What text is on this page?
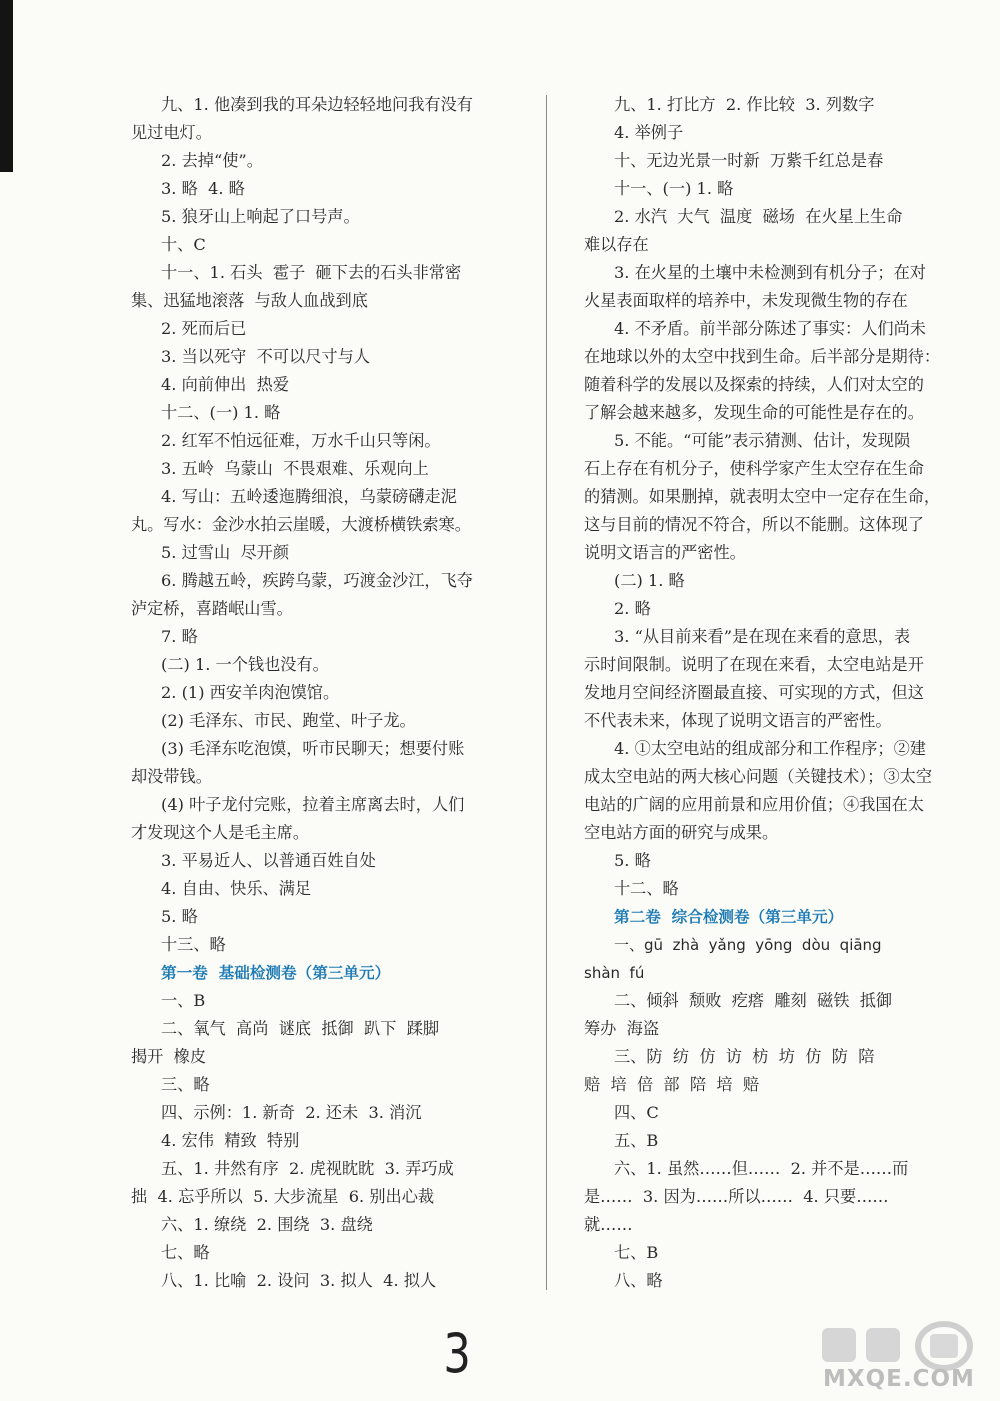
九、1. 他凑到我的耳朵边轻轻地问我有没有
见过电灯。
2. 去掉“使”。
3. 略  4. 略
5. 狼牙山上响起了口号声。
十、C
十一、1. 石头  雹子  砸下去的石头非常密
集、迅猛地滚落  与敌人血战到底
2. 死而后已
3. 当以死守  不可以尺寸与人
4. 向前伸出  热爱
十二、(一) 1. 略
2. 红军不怕远征难，万水千山只等闲。
3. 五岭  乌蒙山  不畏艰难、乐观向上
4. 写山：五岭逶迤腾细浪，乌蒙磅礴走泥
丸。写水：金沙水拍云崖暖，大渡桥横铁索寒。
5. 过雪山  尽开颜
6. 腾越五岭，疾跨乌蒙，巧渡金沙江，飞夺
泸定桥，喜踏岷山雪。
7. 略
(二) 1. 一个钱也没有。
2. (1) 西安羊肉泡馍馆。
(2) 毛泽东、市民、跑堂、叶子龙。
(3) 毛泽东吃泡馍，听市民聊天；想要付账
却没带钱。
(4) 叶子龙付完账，拉着主席离去时，人们
才发现这个人是毛主席。
3. 平易近人、以普通百姓自处
4. 自由、快乐、满足
5. 略
十三、略
第一卷  基础检测卷（第三单元）
一、B
二、氧气  高尚  谜底  抵御  趴下  蹂脚
揭开  橡皮
三、略
四、示例：1. 新奇  2. 还未  3. 消沉
4. 宏伟  精致  特别
五、1. 井然有序  2. 虎视眈眈  3. 弄巧成
拙  4. 忘乎所以  5. 大步流星  6. 别出心裁
六、1. 缭绕  2. 围绕  3. 盘绕
七、略
八、1. 比喻  2. 设问  3. 拟人  4. 拟人
九、1. 打比方  2. 作比较  3. 列数字
4. 举例子
十、无边光景一时新  万紫千红总是春
十一、(一) 1. 略
2. 水汽  大气  温度  磁场  在火星上生命
难以存在
3. 在火星的土壤中未检测到有机分子；在对
火星表面取样的培养中，未发现微生物的存在
4. 不矛盾。前半部分陈述了事实：人们尚未
在地球以外的太空中找到生命。后半部分是期待：
随着科学的发展以及探索的持续，人们对太空的
了解会越来越多，发现生命的可能性是存在的。
5. 不能。“可能”表示猜测、估计，发现陨
石上存在有机分子，使科学家产生太空存在生命
的猜测。如果删掉，就表明太空中一定存在生命，
这与目前的情况不符合，所以不能删。这体现了
说明文语言的严密性。
(二) 1. 略
2. 略
3. “从目前来看”是在现在来看的意思，表
示时间限制。说明了在现在来看，太空电站是开
发地月空间经济圈最直接、可实现的方式，但这
不代表未来，体现了说明文语言的严密性。
4. ①太空电站的组成部分和工作程序；②建
成太空电站的两大核心问题（关键技术）；③太空
电站的广阔的应用前景和应用价值；④我国在太
空电站方面的研究与成果。
5. 略
十二、略
第二卷  综合检测卷（第三单元）
一、gū  zhà  yǎng  yōng  dòu  qiāng
shàn  fú
二、倾斜  颓败  疙瘩  雕刻  磁铁  抵御
筹办  海盗
三、防  纺  仿  访  枋  坊  仿  防  陪
赔  培  倍  部  陪  培  赔
四、C
五、B
六、1. 虽然……但……  2. 并不是……而
是……  3. 因为……所以……  4. 只要……
就……
七、B
八、略
3	MXQE.COM
